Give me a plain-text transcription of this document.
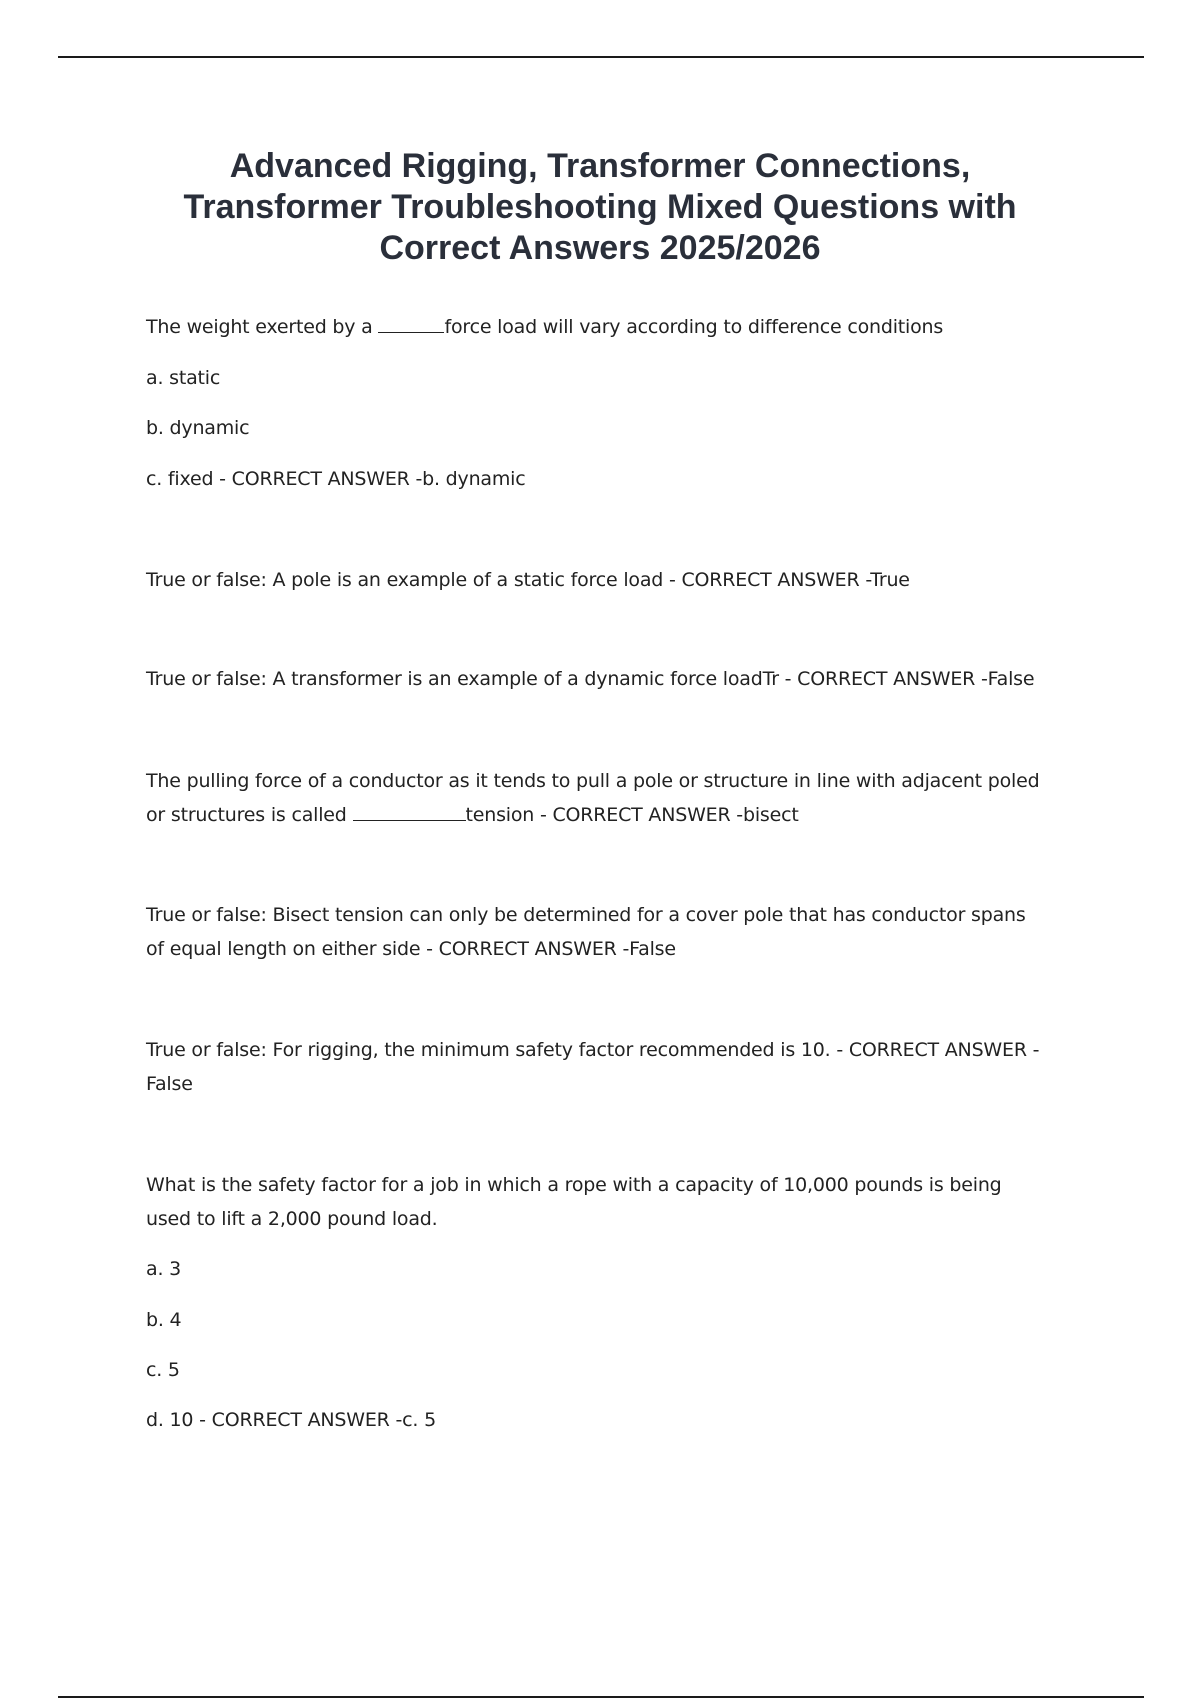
Advanced Rigging, Transformer Connections,
Transformer Troubleshooting Mixed Questions with
Correct Answers 2025/2026
The weight exerted by a	force load will vary according to difference conditions
a. static
b. dynamic
c. fixed - CORRECT ANSWER -b. dynamic
True or false: A pole is an example of a static force load - CORRECT ANSWER -True
True or false: A transformer is an example of a dynamic force loadTr - CORRECT ANSWER -False
The pulling force of a conductor as it tends to pull a pole or structure in line with adjacent poled
or structures is called	tension - CORRECT ANSWER -bisect
True or false: Bisect tension can only be determined for a cover pole that has conductor spans
of equal length on either side - CORRECT ANSWER -False
True or false: For rigging, the minimum safety factor recommended is 10. - CORRECT ANSWER -
False
What is the safety factor for a job in which a rope with a capacity of 10,000 pounds is being
used to lift a 2,000 pound load.
a. 3
b. 4
c. 5
d. 10 - CORRECT ANSWER -c. 5
